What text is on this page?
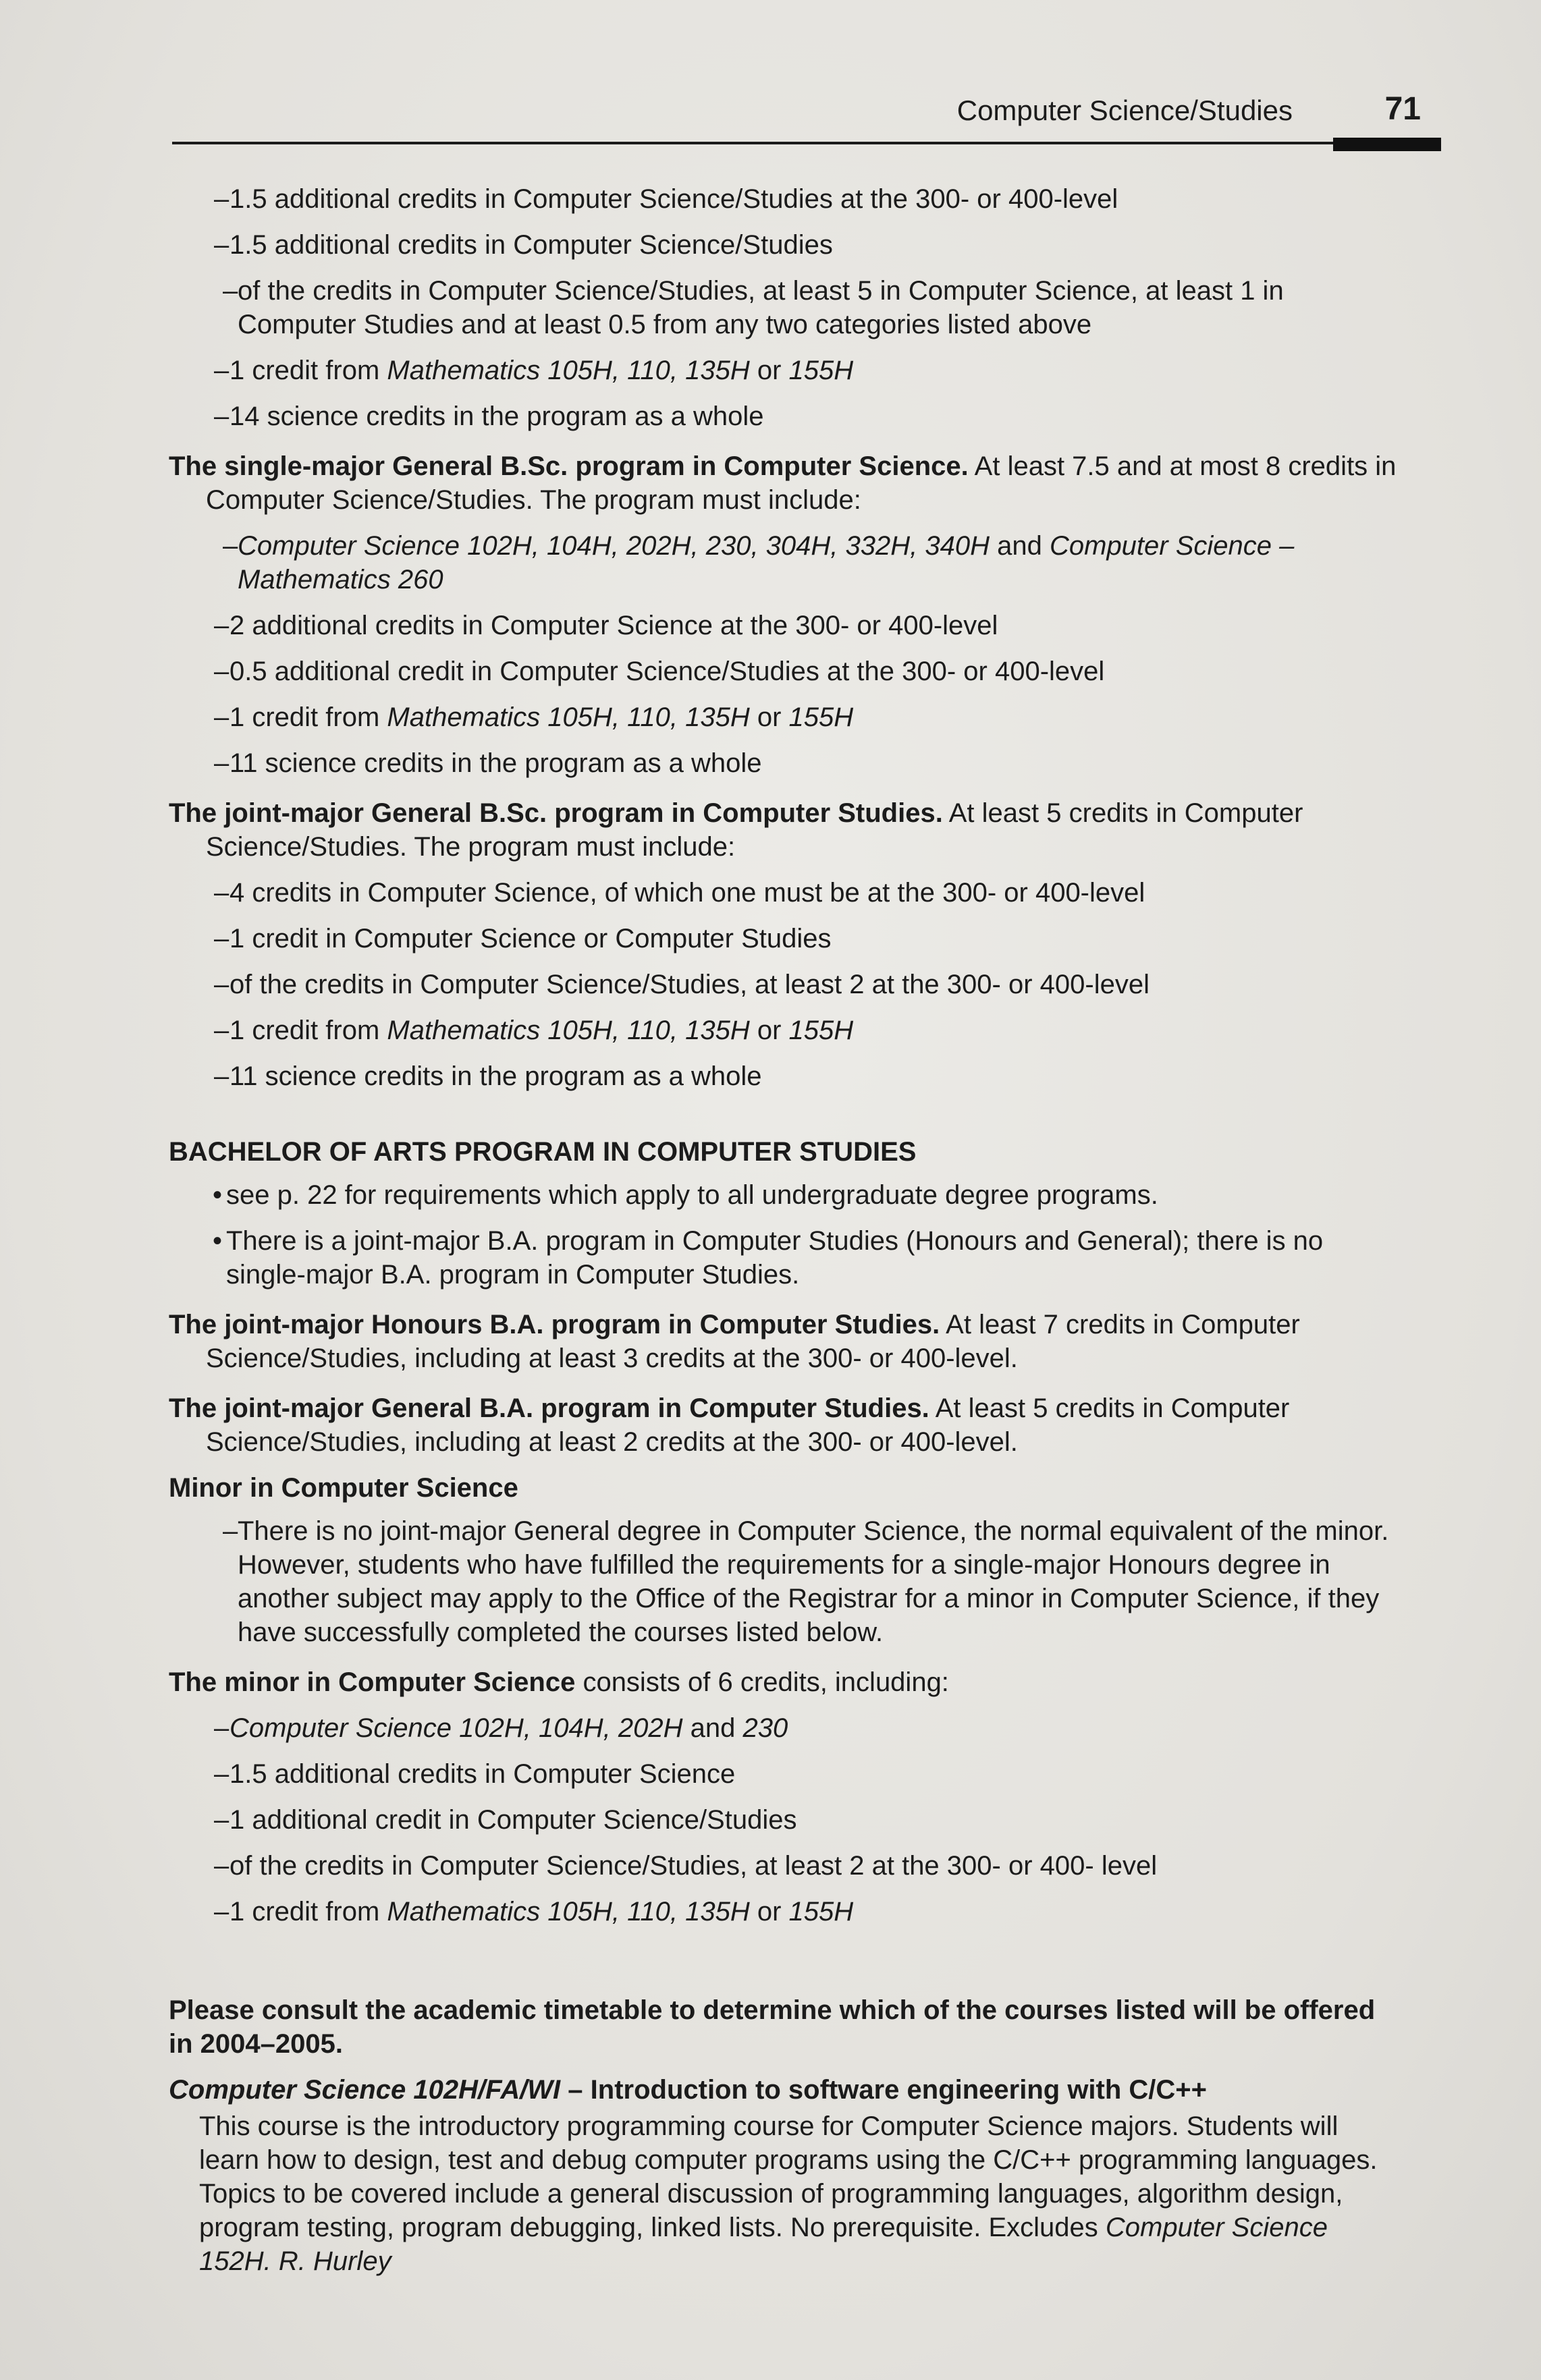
Computer Science/Studies	71
– 1.5 additional credits in Computer Science/Studies at the 300- or 400-level
– 1.5 additional credits in Computer Science/Studies
– of the credits in Computer Science/Studies, at least 5 in Computer Science, at least 1 in Computer Studies and at least 0.5 from any two categories listed above
– 1 credit from Mathematics 105H, 110, 135H or 155H
– 14 science credits in the program as a whole
The single-major General B.Sc. program in Computer Science. At least 7.5 and at most 8 credits in Computer Science/Studies. The program must include:
– Computer Science 102H, 104H, 202H, 230, 304H, 332H, 340H and Computer Science – Mathematics 260
– 2 additional credits in Computer Science at the 300- or 400-level
– 0.5 additional credit in Computer Science/Studies at the 300- or 400-level
– 1 credit from Mathematics 105H, 110, 135H or 155H
– 11 science credits in the program as a whole
The joint-major General B.Sc. program in Computer Studies. At least 5 credits in Computer Science/Studies. The program must include:
– 4 credits in Computer Science, of which one must be at the 300- or 400-level
– 1 credit in Computer Science or Computer Studies
– of the credits in Computer Science/Studies, at least 2 at the 300- or 400-level
– 1 credit from Mathematics 105H, 110, 135H or 155H
– 11 science credits in the program as a whole
BACHELOR OF ARTS PROGRAM IN COMPUTER STUDIES
• see p. 22 for requirements which apply to all undergraduate degree programs.
• There is a joint-major B.A. program in Computer Studies (Honours and General); there is no single-major B.A. program in Computer Studies.
The joint-major Honours B.A. program in Computer Studies. At least 7 credits in Computer Science/Studies, including at least 3 credits at the 300- or 400-level.
The joint-major General B.A. program in Computer Studies. At least 5 credits in Computer Science/Studies, including at least 2 credits at the 300- or 400-level.
Minor in Computer Science
– There is no joint-major General degree in Computer Science, the normal equivalent of the minor. However, students who have fulfilled the requirements for a single-major Honours degree in another subject may apply to the Office of the Registrar for a minor in Computer Science, if they have successfully completed the courses listed below.
The minor in Computer Science consists of 6 credits, including:
– Computer Science 102H, 104H, 202H and 230
– 1.5 additional credits in Computer Science
– 1 additional credit in Computer Science/Studies
– of the credits in Computer Science/Studies, at least 2 at the 300- or 400- level
– 1 credit from Mathematics 105H, 110, 135H or 155H
Please consult the academic timetable to determine which of the courses listed will be offered in 2004–2005.
Computer Science 102H/FA/WI – Introduction to software engineering with C/C++
This course is the introductory programming course for Computer Science majors. Students will learn how to design, test and debug computer programs using the C/C++ programming languages. Topics to be covered include a general discussion of programming languages, algorithm design, program testing, program debugging, linked lists. No prerequisite. Excludes Computer Science 152H. R. Hurley
